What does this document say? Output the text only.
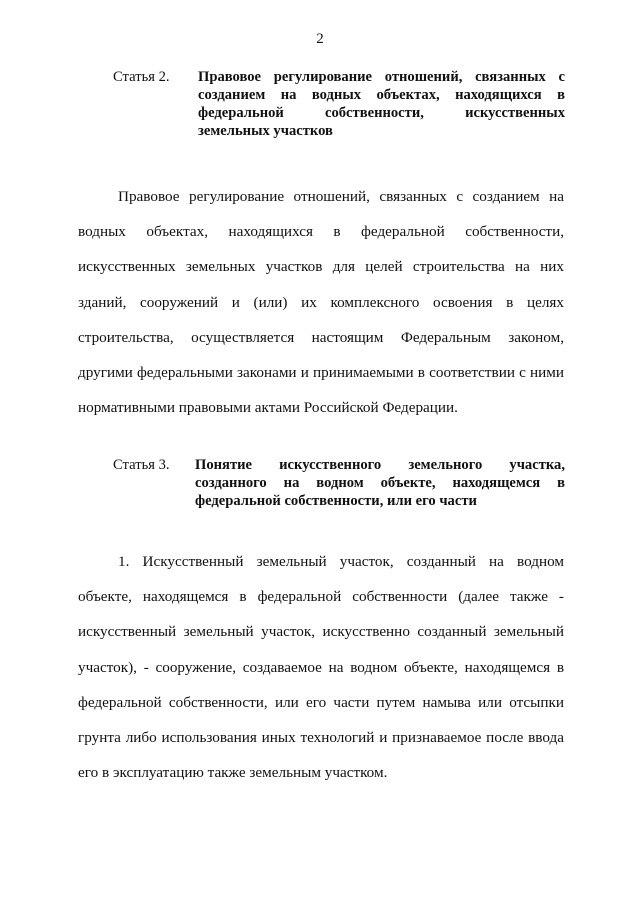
2
Статья 2.	Правовое регулирование отношений, связанных с созданием на водных объектах, находящихся в федеральной собственности, искусственных земельных участков

Правовое регулирование отношений, связанных с созданием на водных объектах, находящихся в федеральной собственности, искусственных земельных участков для целей строительства на них зданий, сооружений и (или) их комплексного освоения в целях строительства, осуществляется настоящим Федеральным законом, другими федеральными законами и принимаемыми в соответствии с ними нормативными правовыми актами Российской Федерации.

Статья 3.	Понятие искусственного земельного участка, созданного на водном объекте, находящемся в федеральной собственности, или его части

1. Искусственный земельный участок, созданный на водном объекте, находящемся в федеральной собственности (далее также - искусственный земельный участок, искусственно созданный земельный участок), - сооружение, создаваемое на водном объекте, находящемся в федеральной собственности, или его части путем намыва или отсыпки грунта либо использования иных технологий и признаваемое после ввода его в эксплуатацию также земельным участком.
